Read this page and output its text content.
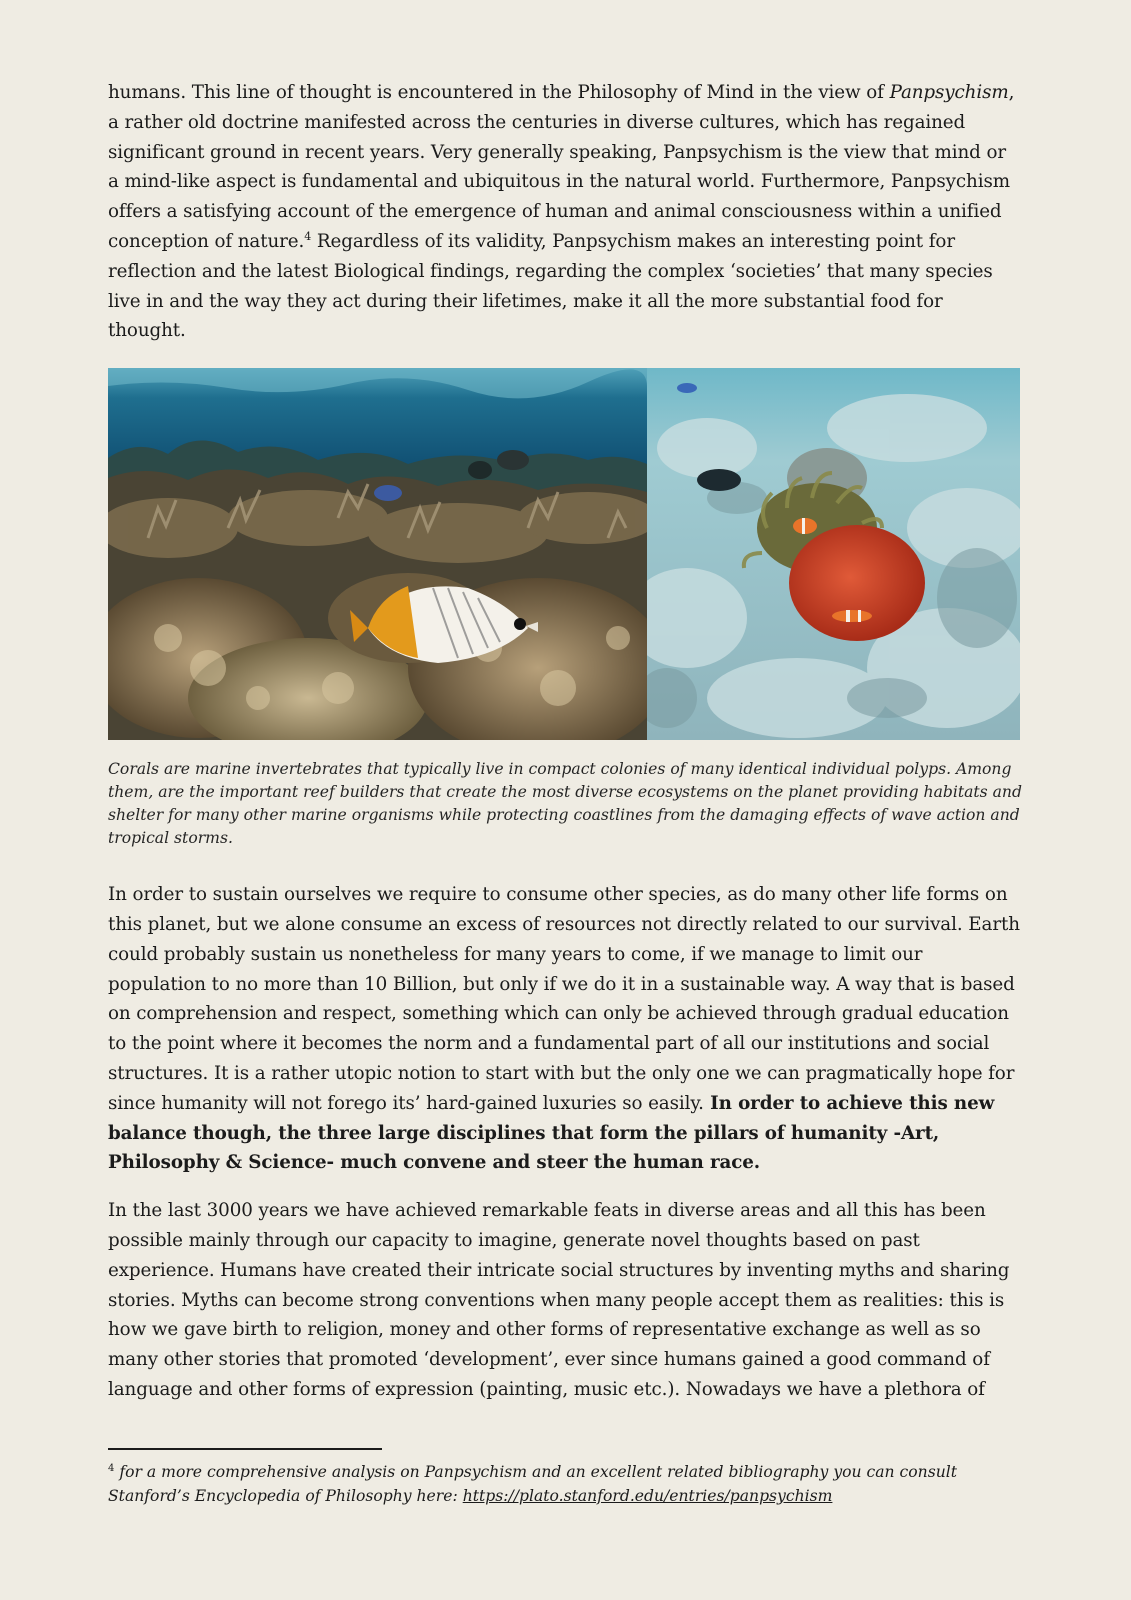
humans. This line of thought is encountered in the Philosophy of Mind in the view of Panpsychism, a rather old doctrine manifested across the centuries in diverse cultures, which has regained significant ground in recent years. Very generally speaking, Panpsychism is the view that mind or a mind-like aspect is fundamental and ubiquitous in the natural world. Furthermore, Panpsychism offers a satisfying account of the emergence of human and animal consciousness within a unified conception of nature.$^4$ Regardless of its validity, Panpsychism makes an interesting point for reflection and the latest Biological findings, regarding the complex ‘societies’ that many species live in and the way they act during their lifetimes, make it all the more substantial food for thought.

Corals are marine invertebrates that typically live in compact colonies of many identical individual polyps. Among them, are the important reef builders that create the most diverse ecosystems on the planet providing habitats and shelter for many other marine organisms while protecting coastlines from the damaging effects of wave action and tropical storms.

In order to sustain ourselves we require to consume other species, as do many other life forms on this planet, but we alone consume an excess of resources not directly related to our survival. Earth could probably sustain us nonetheless for many years to come, if we manage to limit our population to no more than 10 Billion, but only if we do it in a sustainable way. A way that is based on comprehension and respect, something which can only be achieved through gradual education to the point where it becomes the norm and a fundamental part of all our institutions and social structures. It is a rather utopic notion to start with but the only one we can pragmatically hope for since humanity will not forego its’ hard-gained luxuries so easily. In order to achieve this new balance though, the three large disciplines that form the pillars of humanity -Art, Philosophy & Science- much convene and steer the human race.

In the last 3000 years we have achieved remarkable feats in diverse areas and all this has been possible mainly through our capacity to imagine, generate novel thoughts based on past experience. Humans have created their intricate social structures by inventing myths and sharing stories. Myths can become strong conventions when many people accept them as realities: this is how we gave birth to religion, money and other forms of representative exchange as well as so many other stories that promoted ‘development’, ever since humans gained a good command of language and other forms of expression (painting, music etc.). Nowadays we have a plethora of

$^4$ for a more comprehensive analysis on Panpsychism and an excellent related bibliography you can consult Stanford’s Encyclopedia of Philosophy here: https://plato.stanford.edu/entries/panpsychism
